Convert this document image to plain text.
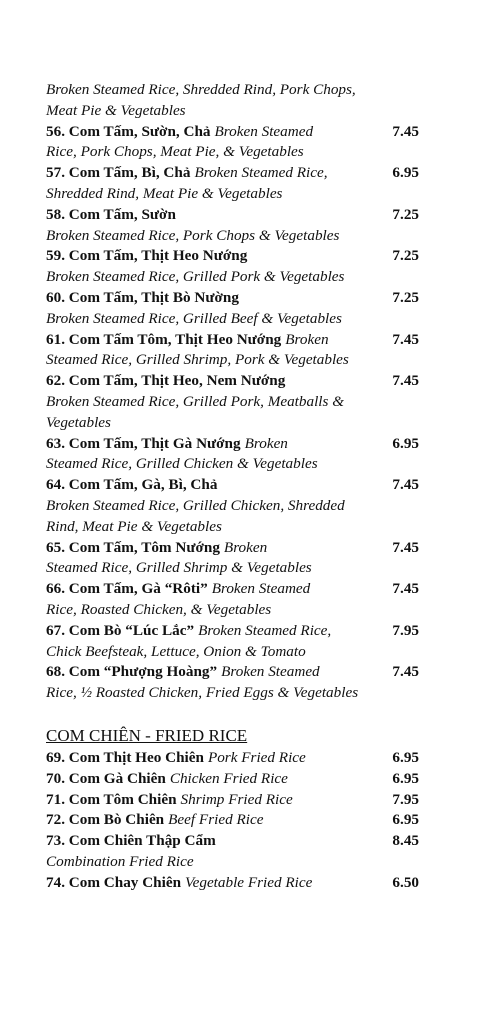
Broken Steamed Rice, Shredded Rind, Pork Chops,
Meat Pie & Vegetables
56. Com Tấm, Sườn, Chả Broken Steamed	7.45
Rice, Pork Chops, Meat Pie, & Vegetables
57. Com Tấm, Bì, Chả Broken Steamed Rice,	6.95
Shredded Rind, Meat Pie & Vegetables
58. Com Tấm, Sườn	7.25
Broken Steamed Rice, Pork Chops & Vegetables
59. Com Tấm, Thịt Heo Nướng	7.25
Broken Steamed Rice, Grilled Pork & Vegetables
60. Com Tấm, Thịt Bò Nường	7.25
Broken Steamed Rice, Grilled Beef & Vegetables
61. Com Tấm Tôm, Thịt Heo Nướng Broken	7.45
Steamed Rice, Grilled Shrimp, Pork & Vegetables
62. Com Tấm, Thịt Heo, Nem Nướng	7.45
Broken Steamed Rice, Grilled Pork, Meatballs &
Vegetables
63. Com Tấm, Thịt Gà Nướng Broken	6.95
Steamed Rice, Grilled Chicken & Vegetables
64. Com Tấm, Gà, Bì, Chả	7.45
Broken Steamed Rice, Grilled Chicken, Shredded
Rind, Meat Pie & Vegetables
65. Com Tấm, Tôm Nướng Broken	7.45
Steamed Rice, Grilled Shrimp & Vegetables
66. Com Tấm, Gà “Rôti” Broken Steamed	7.45
Rice, Roasted Chicken, & Vegetables
67. Com Bò “Lúc Lắc” Broken Steamed Rice,	7.95
Chick Beefsteak, Lettuce, Onion & Tomato
68. Com “Phượng Hoàng” Broken Steamed	7.45
Rice, ½ Roasted Chicken, Fried Eggs & Vegetables
COM CHIÊN - FRIED RICE
69. Com Thịt Heo Chiên Pork Fried Rice	6.95
70. Com Gà Chiên Chicken Fried Rice	6.95
71. Com Tôm Chiên Shrimp Fried Rice	7.95
72. Com Bò Chiên Beef Fried Rice	6.95
73. Com Chiên Thập Cẩm	8.45
Combination Fried Rice
74. Com Chay Chiên Vegetable Fried Rice	6.50
